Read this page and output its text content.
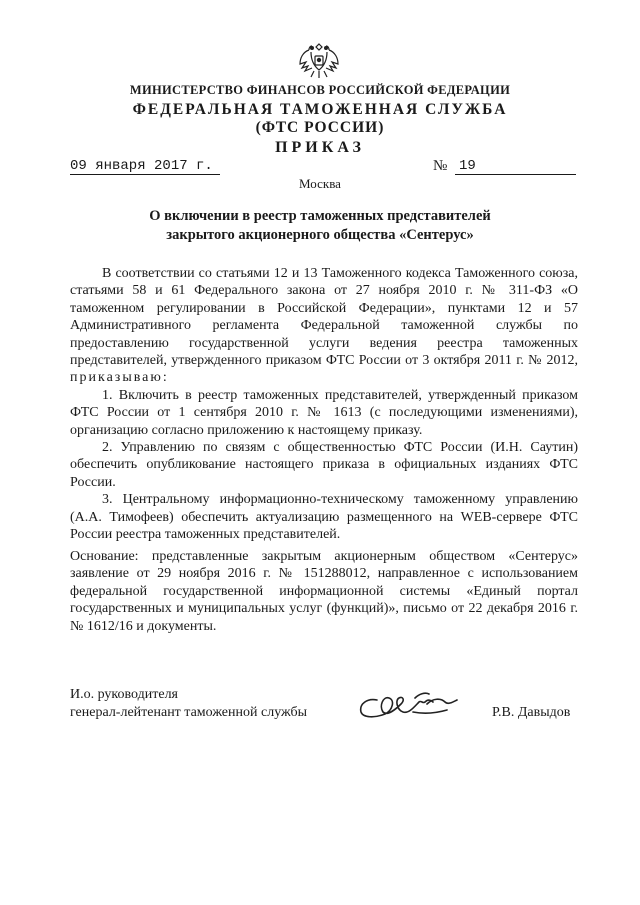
МИНИСТЕРСТВО ФИНАНСОВ РОССИЙСКОЙ ФЕДЕРАЦИИ
ФЕДЕРАЛЬНАЯ ТАМОЖЕННАЯ СЛУЖБА
(ФТС РОССИИ)
ПРИКАЗ
09 января 2017 г.	№ 19
Москва
О включении в реестр таможенных представителей
закрытого акционерного общества «Сентерус»

В соответствии со статьями 12 и 13 Таможенного кодекса Таможенного союза, статьями 58 и 61 Федерального закона от 27 ноября 2010 г. № 311-ФЗ «О таможенном регулировании в Российской Федерации», пунктами 12 и 57 Административного регламента Федеральной таможенной службы по предоставлению государственной услуги ведения реестра таможенных представителей, утвержденного приказом ФТС России от 3 октября 2011 г. № 2012, приказываю:

1. Включить в реестр таможенных представителей, утвержденный приказом ФТС России от 1 сентября 2010 г. № 1613 (с последующими изменениями), организацию согласно приложению к настоящему приказу.

2. Управлению по связям с общественностью ФТС России (И.Н. Саутин) обеспечить опубликование настоящего приказа в официальных изданиях ФТС России.

3. Центральному информационно-техническому таможенному управлению (А.А. Тимофеев) обеспечить актуализацию размещенного на WEB-сервере ФТС России реестра таможенных представителей.

Основание: представленные закрытым акционерным обществом «Сентерус» заявление от 29 ноября 2016 г. № 151288012, направленное с использованием федеральной государственной информационной системы «Единый портал государственных и муниципальных услуг (функций)», письмо от 22 декабря 2016 г. № 1612/16 и документы.

И.о. руководителя
генерал-лейтенант таможенной службы	Р.В. Давыдов
